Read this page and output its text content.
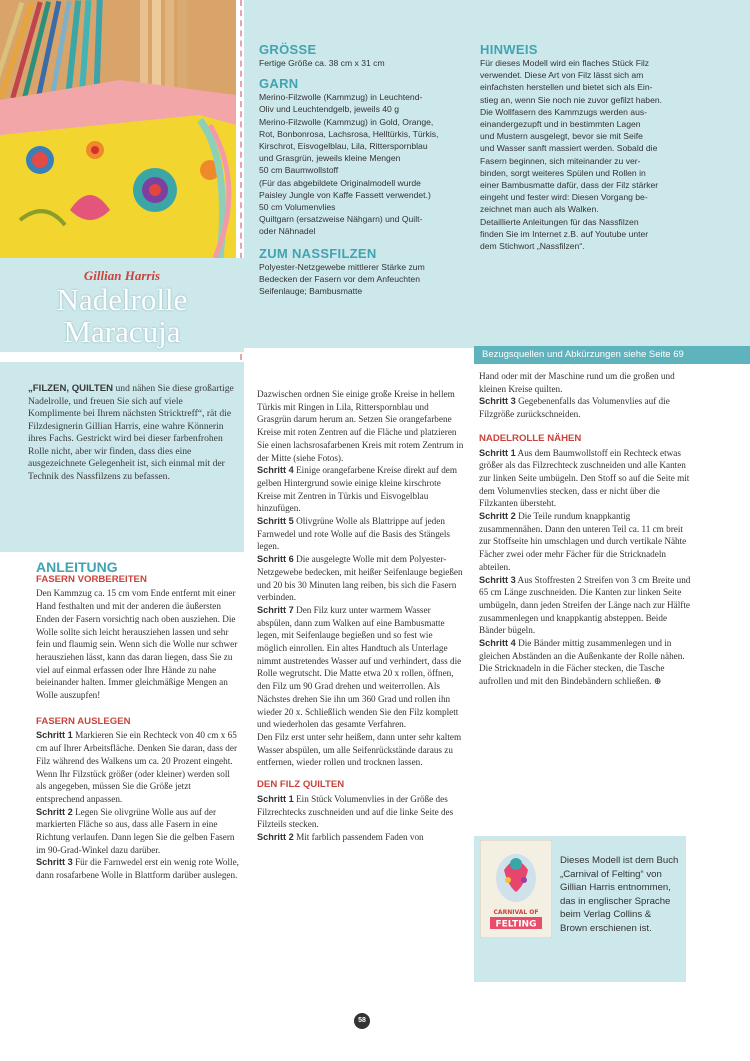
Gillian Harris
Nadelrolle
Maracuja

GRÖSSE

Fertige Größe ca. 38 cm x 31 cm

GARN

Merino-Filzwolle (Kammzug) in Leuchtend-
Oliv und Leuchtendgelb, jeweils 40 g
Merino-Filzwolle (Kammzug) in Gold, Orange,
Rot, Bonbonrosa, Lachsrosa, Helltürkis, Türkis,
Kirschrot, Eisvogelblau, Lila, Ritterspornblau
und Grasgrün, jeweils kleine Mengen
50 cm Baumwollstoff
(Für das abgebildete Originalmodell wurde
Paisley Jungle von Kaffe Fassett verwendet.)
50 cm Volumenvlies
Quiltgarn (ersatzweise Nähgarn) und Quilt-
oder Nähnadel

ZUM NASSFILZEN

Polyester-Netzgewebe mittlerer Stärke zum
Bedecken der Fasern vor dem Anfeuchten
Seifenlauge; Bambusmatte

HINWEIS

Für dieses Modell wird ein flaches Stück Filz
verwendet. Diese Art von Filz lässt sich am
einfachsten herstellen und bietet sich als Ein-
stieg an, wenn Sie noch nie zuvor gefilzt haben.
Die Wollfasern des Kammzugs werden aus-
einandergezupft und in bestimmten Lagen
und Mustern ausgelegt, bevor sie mit Seife
und Wasser sanft massiert werden. Sobald die
Fasern beginnen, sich miteinander zu ver-
binden, sorgt weiteres Spülen und Rollen in
einer Bambusmatte dafür, dass der Filz stärker
eingeht und fester wird: Diesen Vorgang be-
zeichnet man auch als Walken.
Detaillierte Anleitungen für das Nassfilzen
finden Sie im Internet z.B. auf Youtube unter
dem Stichwort „Nassfilzen“.
Bezugsquellen und Abkürzungen siehe Seite 69
„FILZEN, QUILTEN und nähen Sie diese großartige Nadelrolle, und freuen Sie sich auf viele Komplimente bei Ihrem nächsten Stricktreff“, rät die Filzdesignerin Gillian Harris, eine wahre Könnerin ihres Fachs. Gestrickt wird bei dieser farbenfrohen Rolle nicht, aber wir finden, dass dies eine ausgezeichnete Gelegenheit ist, sich einmal mit der Technik des Nassfilzens zu befassen.

ANLEITUNG

FASERN VORBEREITEN

Den Kammzug ca. 15 cm vom Ende entfernt mit einer Hand festhalten und mit der anderen die äußersten Enden der Fasern vorsichtig nach oben ausziehen. Die Wolle sollte sich leicht herausziehen lassen und sehr fein und flaumig sein. Wenn sich die Wolle nur schwer herausziehen lässt, kann das daran liegen, dass Sie zu viel auf einmal erfassen oder Ihre Hände zu nahe beieinander halten. Immer gleichmäßige Mengen an Wolle auszupfen!

FASERN AUSLEGEN

Schritt 1 Markieren Sie ein Rechteck von 40 cm x 65 cm auf Ihrer Arbeitsfläche. Denken Sie daran, dass der Filz während des Walkens um ca. 20 Prozent eingeht. Wenn Ihr Filzstück größer (oder kleiner) werden soll als angegeben, müssen Sie die Größe jetzt entsprechend anpassen.

Schritt 2 Legen Sie olivgrüne Wolle aus auf der markierten Fläche so aus, dass alle Fasern in eine Richtung verlaufen. Dann legen Sie die gelben Fasern im 90-Grad-Winkel dazu darüber.

Schritt 3 Für die Farnwedel erst ein wenig rote Wolle, dann rosafarbene Wolle in Blattform darüber auslegen.

Dazwischen ordnen Sie einige große Kreise in hellem Türkis mit Ringen in Lila, Ritterspornblau und Grasgrün darum herum an. Setzen Sie orangefarbene Kreise mit roten Zentren auf die Fläche und platzieren Sie einen lachsrosafarbenen Kreis mit rotem Zentrum in der Mitte (siehe Fotos).

Schritt 4 Einige orangefarbene Kreise direkt auf dem gelben Hintergrund sowie einige kleine kirschrote Kreise mit Zentren in Türkis und Eisvogelblau hinzufügen.

Schritt 5 Olivgrüne Wolle als Blattrippe auf jeden Farnwedel und rote Wolle auf die Basis des Stängels legen.

Schritt 6 Die ausgelegte Wolle mit dem Polyester-Netzgewebe bedecken, mit heißer Seifenlauge begießen und 20 bis 30 Minuten lang reiben, bis sich die Fasern verbinden.

Schritt 7 Den Filz kurz unter warmem Wasser abspülen, dann zum Walken auf eine Bambusmatte legen, mit Seifenlauge begießen und so fest wie möglich einrollen. Ein altes Handtuch als Unterlage nimmt austretendes Wasser auf und verhindert, dass die Rolle wegrutscht. Die Matte etwa 20 x rollen, öffnen, den Filz um 90 Grad drehen und weiterrollen. Als Nächstes drehen Sie ihn um 360 Grad und rollen ihn wieder 20 x. Schließlich wenden Sie den Filz komplett und wiederholen das gesamte Verfahren.

Den Filz erst unter sehr heißem, dann unter sehr kaltem Wasser abspülen, um alle Seifenrückstände daraus zu entfernen, wieder rollen und trocknen lassen.

DEN FILZ QUILTEN

Schritt 1 Ein Stück Volumenvlies in der Größe des Filzrechtecks zuschneiden und auf die linke Seite des Filzteils stecken.

Schritt 2 Mit farblich passendem Faden von

Hand oder mit der Maschine rund um die großen und kleinen Kreise quilten.

Schritt 3 Gegebenenfalls das Volumenvlies auf die Filzgröße zurückschneiden.

NADELROLLE NÄHEN

Schritt 1 Aus dem Baumwollstoff ein Rechteck etwas größer als das Filzrechteck zuschneiden und alle Kanten zur linken Seite umbügeln. Den Stoff so auf die Seite mit dem Volumenvlies stecken, dass er nicht über die Filzkanten übersteht.

Schritt 2 Die Teile rundum knappkantig zusammennähen. Dann den unteren Teil ca. 11 cm breit zur Stoffseite hin umschlagen und durch vertikale Nähte Fächer zwei oder mehr Fächer für die Stricknadeln abteilen.

Schritt 3 Aus Stoffresten 2 Streifen von 3 cm Breite und 65 cm Länge zuschneiden. Die Kanten zur linken Seite umbügeln, dann jeden Streifen der Länge nach zur Hälfte zusammenlegen und knappkantig absteppen. Beide Bänder bügeln.

Schritt 4 Die Bänder mittig zusammenlegen und in gleichen Abständen an die Außenkante der Rolle nähen. Die Stricknadeln in die Fächer stecken, die Tasche aufrollen und mit den Bindebändern schließen. ⊕

CARNIVAL OF
FELTING
Dieses Modell ist dem Buch „Carnival of Felting“ von Gillian Harris entnommen, das in englischer Sprache beim Verlag Collins & Brown erschienen ist.
58
